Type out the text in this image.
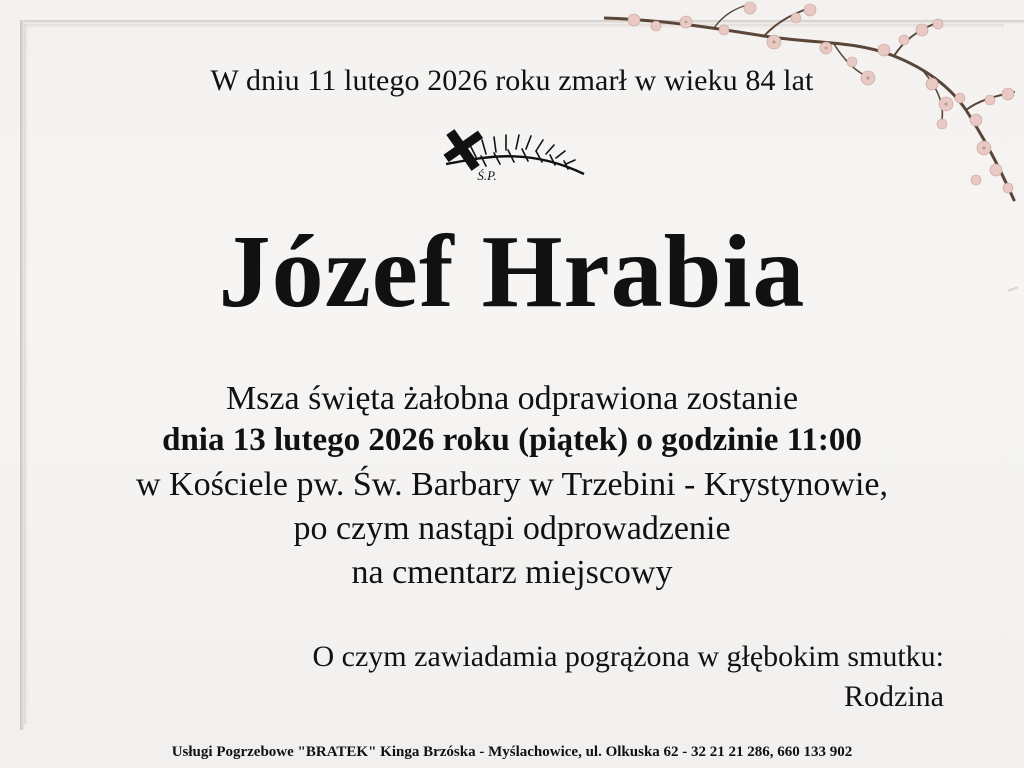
W dniu 11 lutego 2026 roku zmarł w wieku 84 lat
Ś.P.
Józef Hrabia
Msza święta żałobna odprawiona zostanie
dnia 13 lutego 2026 roku (piątek) o godzinie 11:00
w Kościele pw. Św. Barbary w Trzebini - Krystynowie,
po czym nastąpi odprowadzenie
na cmentarz miejscowy
O czym zawiadamia pogrążona w głębokim smutku:
Rodzina
Usługi Pogrzebowe "BRATEK" Kinga Brzóska - Myślachowice, ul. Olkuska 62 - 32 21 21 286, 660 133 902
